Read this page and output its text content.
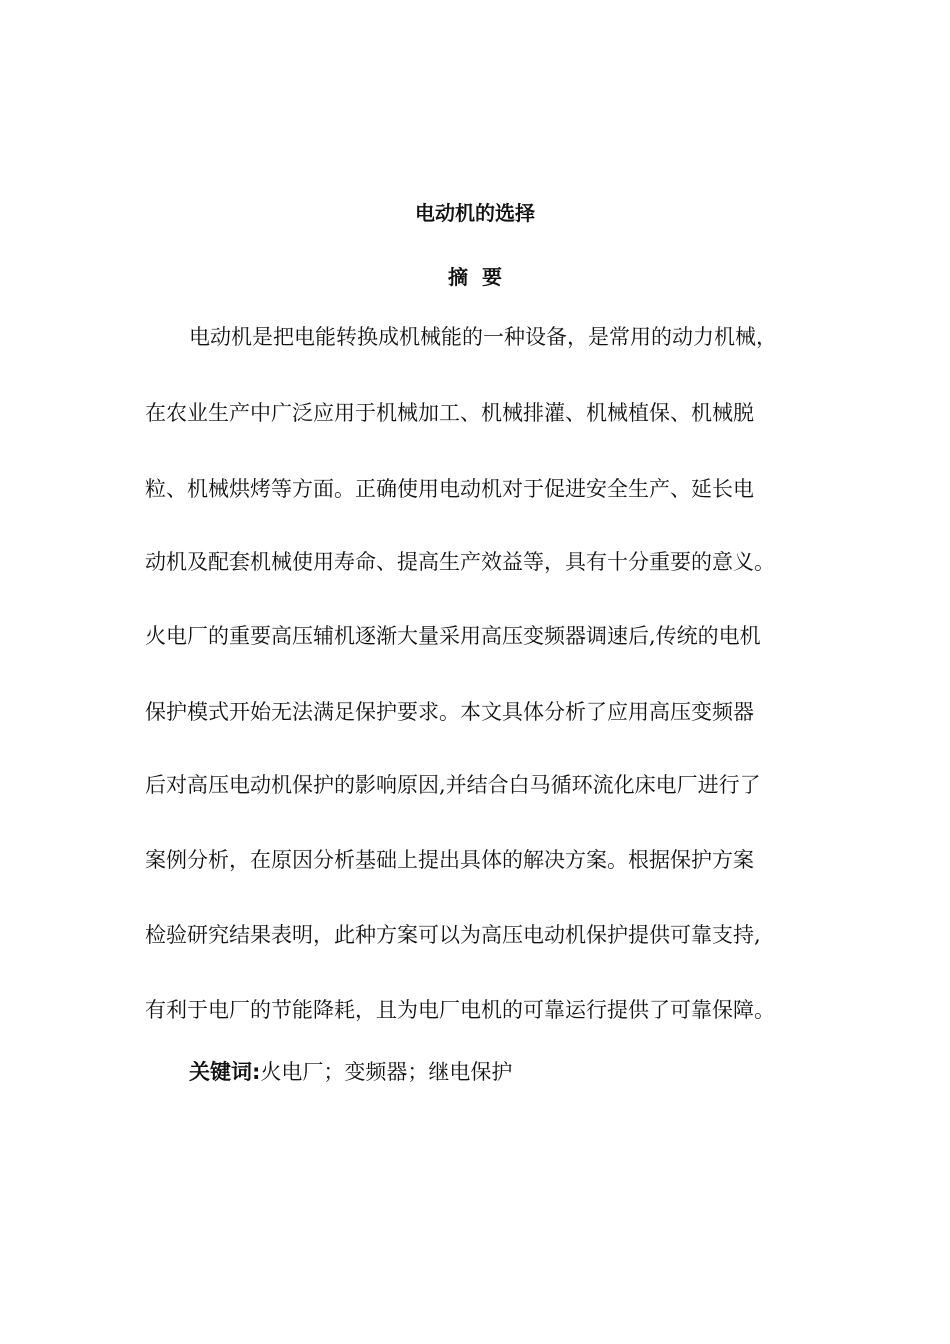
电动机的选择
摘要

电动机是把电能转换成机械能的一种设备，是常用的动力机械，

在农业生产中广泛应用于机械加工、机械排灌、机械植保、机械脱

粒、机械烘烤等方面。正确使用电动机对于促进安全生产、延长电

动机及配套机械使用寿命、提高生产效益等，具有十分重要的意义。

火电厂的重要高压辅机逐渐大量采用高压变频器调速后,传统的电机

保护模式开始无法满足保护要求。本文具体分析了应用高压变频器

后对高压电动机保护的影响原因,并结合白马循环流化床电厂进行了

案例分析，在原因分析基础上提出具体的解决方案。根据保护方案

检验研究结果表明，此种方案可以为高压电动机保护提供可靠支持,

有利于电厂的节能降耗，且为电厂电机的可靠运行提供了可靠保障。

关键词:火电厂；变频器；继电保护
